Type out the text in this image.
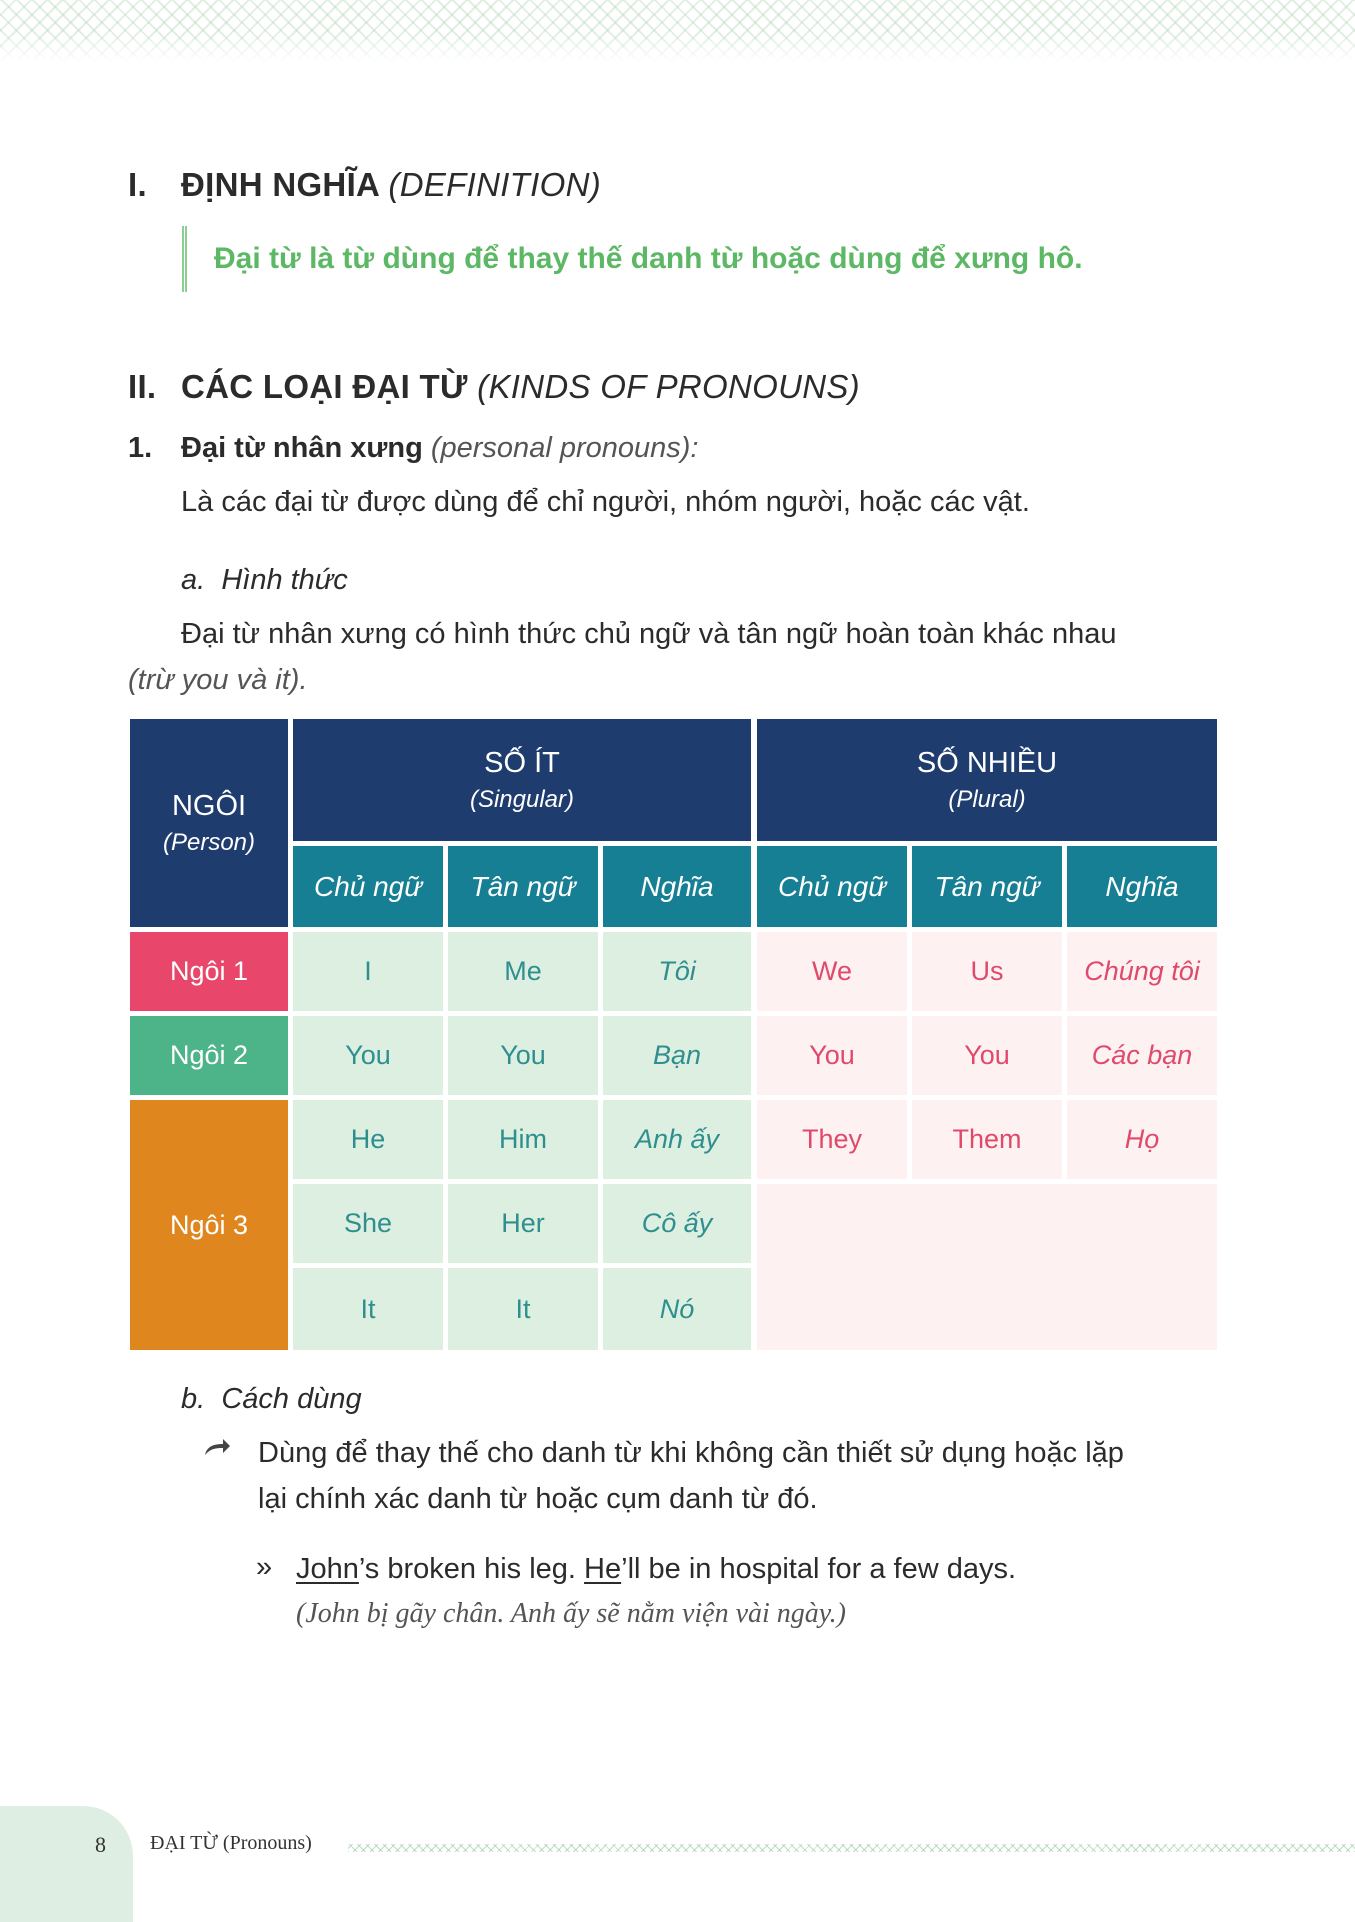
I. ĐỊNH NGHĨA (DEFINITION)
Đại từ là từ dùng để thay thế danh từ hoặc dùng để xưng hô.
II. CÁC LOẠI ĐẠI TỪ (KINDS OF PRONOUNS)
1. Đại từ nhân xưng (personal pronouns):
Là các đại từ được dùng để chỉ người, nhóm người, hoặc các vật.
a. Hình thức
Đại từ nhân xưng có hình thức chủ ngữ và tân ngữ hoàn toàn khác nhau
(trừ you và it).
NGÔI
(Person)
SỐ ÍT
(Singular)
SỐ NHIỀU
(Plural)
Chủ ngữ	Tân ngữ	Nghĩa	Chủ ngữ	Tân ngữ	Nghĩa
Ngôi 1	I	Me	Tôi	We	Us	Chúng tôi
Ngôi 2	You	You	Bạn	You	You	Các bạn
Ngôi 3
He	Him	Anh ấy	They	Them	Họ
She	Her	Cô ấy
It	It	Nó
b. Cách dùng
Dùng để thay thế cho danh từ khi không cần thiết sử dụng hoặc lặp
lại chính xác danh từ hoặc cụm danh từ đó.
» John’s broken his leg. He’ll be in hospital for a few days.
(John bị gãy chân. Anh ấy sẽ nằm viện vài ngày.)
8 ĐẠI TỪ (Pronouns)
